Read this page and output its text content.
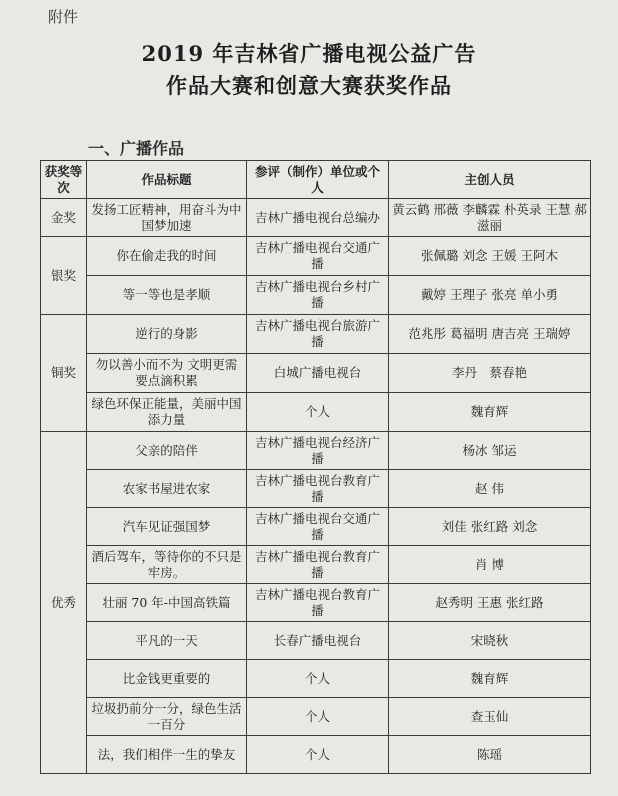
附件
2019 年吉林省广播电视公益广告
作品大赛和创意大赛获奖作品
一、广播作品
获奖等次	作品标题	参评（制作）单位或个人	主创人员
金奖	发扬工匠精神，用奋斗为中国梦加速	吉林广播电视台总编办	黄云鹤 邢薇 李麟霖 朴英录 王慧 郝滋丽
银奖	你在偷走我的时间	吉林广播电视台交通广播	张佩璐 刘念 王媛 王阿木
	等一等也是孝顺	吉林广播电视台乡村广播	戴婷 王理子 张亮 单小勇
铜奖	逆行的身影	吉林广播电视台旅游广播	范兆彤 葛福明 唐吉亮 王瑞婷
	勿以善小而不为 文明更需要点滴积累	白城广播电视台	李丹　蔡春艳
	绿色环保正能量，美丽中国添力量	个人	魏育辉
优秀	父亲的陪伴	吉林广播电视台经济广播	杨冰 邹运
	农家书屋进农家	吉林广播电视台教育广播	赵 伟
	汽车见证强国梦	吉林广播电视台交通广播	刘佳 张红路 刘念
	酒后驾车，等待你的不只是牢房。	吉林广播电视台教育广播	肖 博
	壮丽 70 年-中国高铁篇	吉林广播电视台教育广播	赵秀明 王惠 张红路
	平凡的一天	长春广播电视台	宋晓秋
	比金钱更重要的	个人	魏育辉
	垃圾扔前分一分，绿色生活一百分	个人	查玉仙
	法，我们相伴一生的挚友	个人	陈瑶
